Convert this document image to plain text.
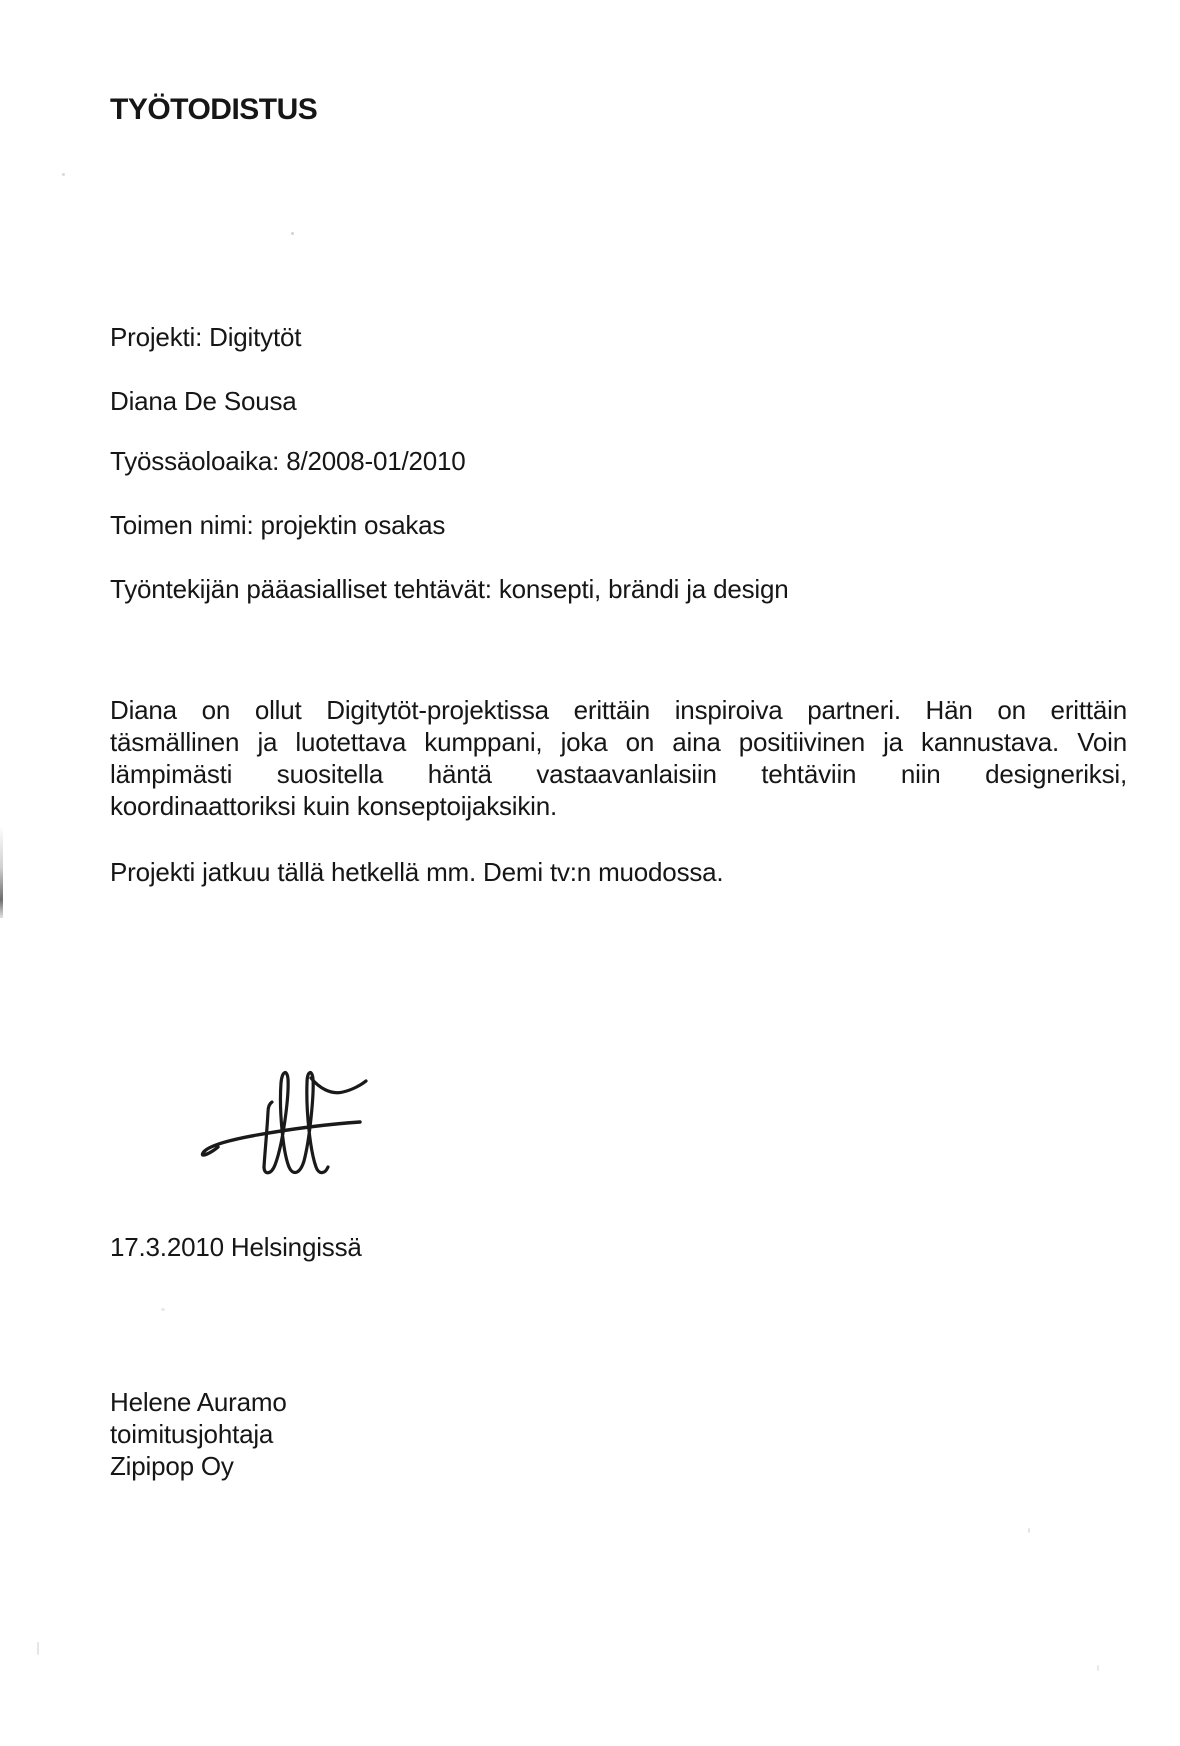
TYÖTODISTUS
Projekti: Digitytöt
Diana De Sousa
Työssäoloaika: 8/2008-01/2010
Toimen nimi: projektin osakas
Työntekijän pääasialliset tehtävät: konsepti, brändi ja design
Diana on ollut Digitytöt-projektissa erittäin inspiroiva partneri. Hän on erittäin
täsmällinen ja luotettava kumppani, joka on aina positiivinen ja kannustava. Voin
lämpimästi suositella häntä vastaavanlaisiin tehtäviin niin designeriksi,
koordinaattoriksi kuin konseptoijaksikin.
Projekti jatkuu tällä hetkellä mm. Demi tv:n muodossa.
17.3.2010 Helsingissä
Helene Auramo
toimitusjohtaja
Zipipop Oy
